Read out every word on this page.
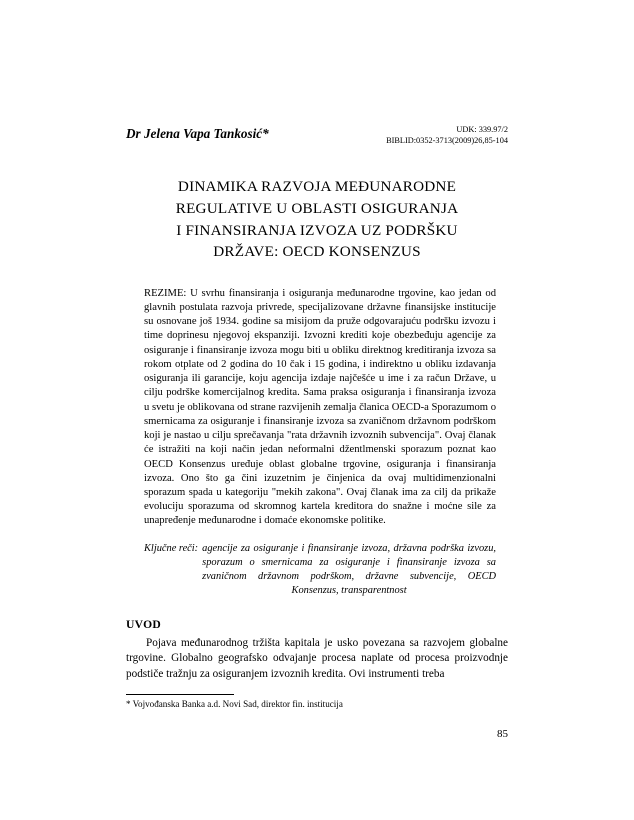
Dr Jelena Vapa Tankosić*	UDK: 339.97/2
BIBLID:0352-3713(2009)26,85-104
DINAMIKA RAZVOJA MEĐUNARODNE
REGULATIVE U OBLASTI OSIGURANJA
I FINANSIRANJA IZVOZA UZ PODRŠKU
DRŽAVE: OECD KONSENZUS
REZIME: U svrhu finansiranja i osiguranja međunarodne trgovine, kao jedan od glavnih postulata razvoja privrede, specijalizovane državne finansijske institucije su osnovane još 1934. godine sa misijom da pruže odgovarajuću podršku izvozu i time doprinesu njegovoj ekspanziji. Izvozni krediti koje obezbeđuju agencije za osiguranje i finansiranje izvoza mogu biti u obliku direktnog kreditiranja izvoza sa rokom otplate od 2 godina do 10 čak i 15 godina, i indirektno u obliku izdavanja osiguranja ili garancije, koju agencija izdaje najčešće u ime i za račun Države, u cilju podrške komercijalnog kredita. Sama praksa osiguranja i finansiranja izvoza u svetu je oblikovana od strane razvijenih zemalja članica OECD-a Sporazumom o smernicama za osiguranje i finansiranje izvoza sa zvaničnom državnom podrškom koji je nastao u cilju sprečavanja "rata državnih izvoznih subvencija". Ovaj članak će istražiti na koji način jedan neformalni džentlmenski sporazum poznat kao OECD Konsenzus uređuje oblast globalne trgovine, osiguranja i finansiranja izvoza. Ono što ga čini izuzetnim je činjenica da ovaj multidimenzionalni sporazum spada u kategoriju "mekih zakona". Ovaj članak ima za cilj da prikaže evoluciju sporazuma od skromnog kartela kreditora do snažne i moćne sile za unapređenje međunarodne i domaće ekonomske politike.
Ključne reči: agencije za osiguranje i finansiranje izvoza, državna podrška izvozu, sporazum o smernicama za osiguranje i finansiranje izvoza sa zvaničnom državnom podrškom, državne subvencije, OECD Konsenzus, transparentnost
UVOD
Pojava međunarodnog tržišta kapitala je usko povezana sa razvojem globalne trgovine. Globalno geografsko odvajanje procesa naplate od procesa proizvodnje podstiče tražnju za osiguranjem izvoznih kredita. Ovi instrumenti treba
* Vojvođanska Banka a.d. Novi Sad, direktor fin. institucija
85
